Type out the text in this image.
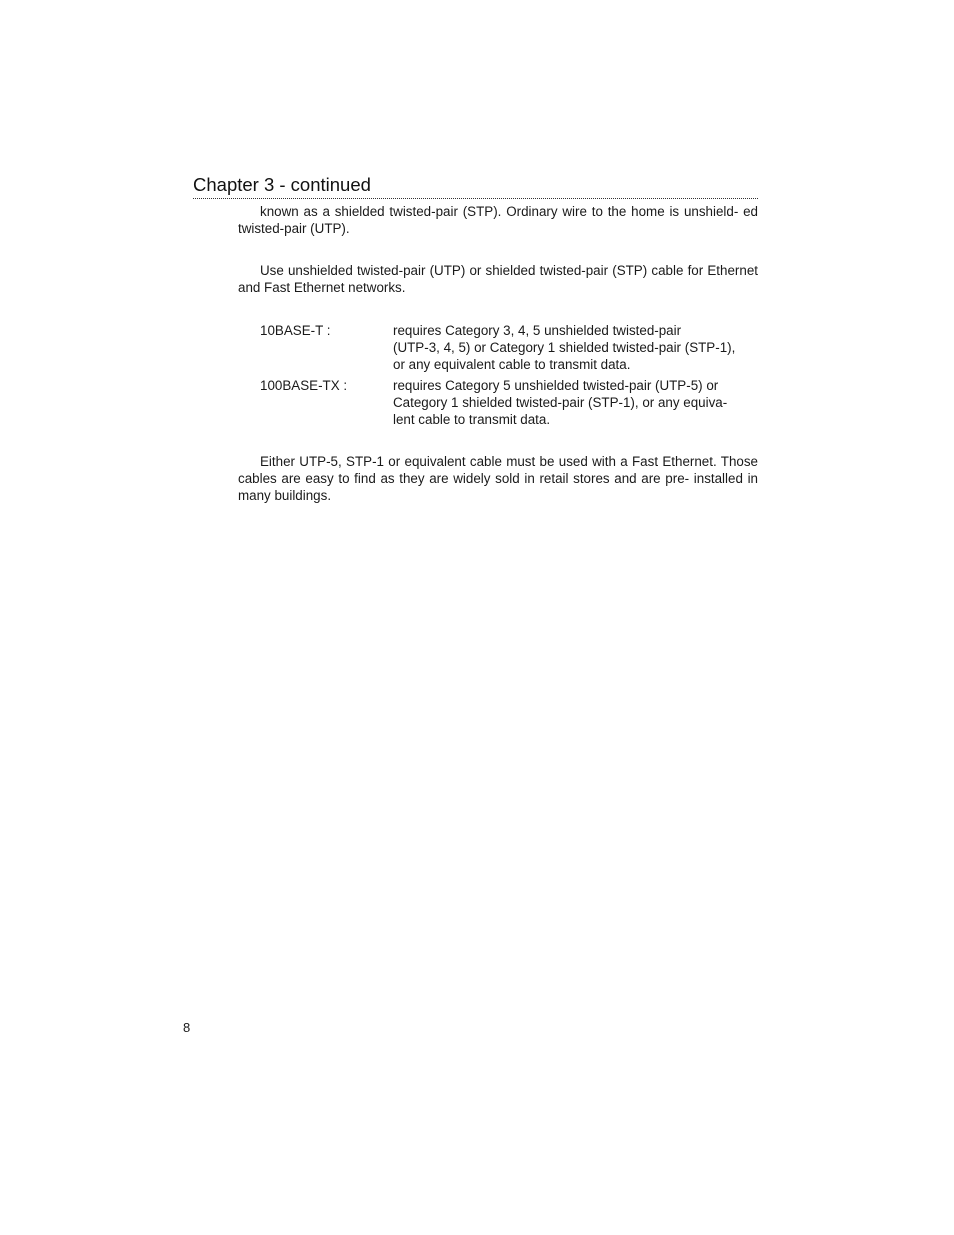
Chapter 3 - continued

known as a shielded twisted-pair (STP). Ordinary wire to the home is unshield- ed twisted-pair (UTP).

Use unshielded twisted-pair (UTP) or shielded twisted-pair (STP) cable for Ethernet and Fast Ethernet networks.

10BASE-T :	requires Category 3, 4, 5 unshielded twisted-pair
(UTP-3, 4, 5) or Category 1 shielded twisted-pair (STP-1),
or any equivalent cable to transmit data.
100BASE-TX :	requires Category 5 unshielded twisted-pair (UTP-5) or
Category 1 shielded twisted-pair (STP-1), or any equiva-
lent cable to transmit data.

Either UTP-5, STP-1 or equivalent cable must be used with a Fast Ethernet. Those cables are easy to find as they are widely sold in retail stores and are pre- installed in many buildings.

8
